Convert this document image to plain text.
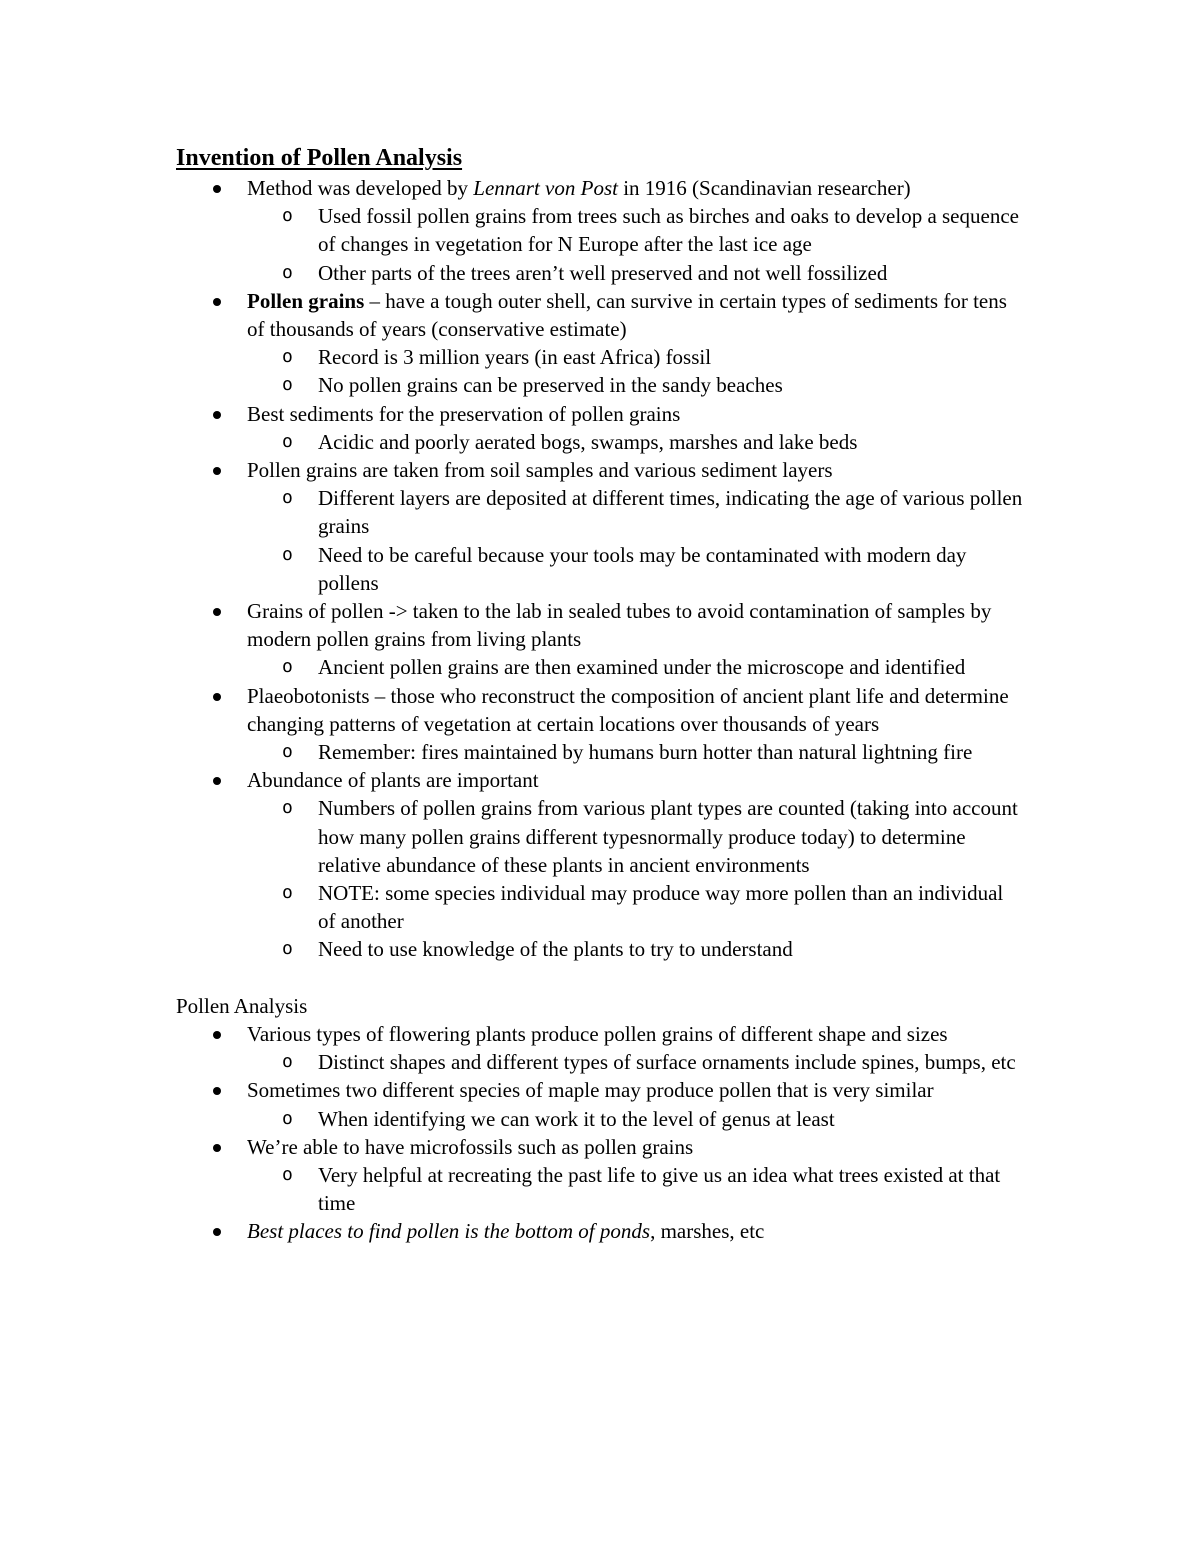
Invention of Pollen Analysis
Method was developed by Lennart von Post in 1916 (Scandinavian researcher)
o Used fossil pollen grains from trees such as birches and oaks to develop a sequence of changes in vegetation for N Europe after the last ice age
o Other parts of the trees aren’t well preserved and not well fossilized
Pollen grains – have a tough outer shell, can survive in certain types of sediments for tens of thousands of years (conservative estimate)
o Record is 3 million years (in east Africa) fossil
o No pollen grains can be preserved in the sandy beaches
Best sediments for the preservation of pollen grains
o Acidic and poorly aerated bogs, swamps, marshes and lake beds
Pollen grains are taken from soil samples and various sediment layers
o Different layers are deposited at different times, indicating the age of various pollen grains
o Need to be careful because your tools may be contaminated with modern day pollens
Grains of pollen -> taken to the lab in sealed tubes to avoid contamination of samples by modern pollen grains from living plants
o Ancient pollen grains are then examined under the microscope and identified
Plaeobotonists – those who reconstruct the composition of ancient plant life and determine changing patterns of vegetation at certain locations over thousands of years
o Remember: fires maintained by humans burn hotter than natural lightning fire
Abundance of plants are important
o Numbers of pollen grains from various plant types are counted (taking into account how many pollen grains different typesnormally produce today) to determine relative abundance of these plants in ancient environments
o NOTE: some species individual may produce way more pollen than an individual of another
o Need to use knowledge of the plants to try to understand

Pollen Analysis

Various types of flowering plants produce pollen grains of different shape and sizes
o Distinct shapes and different types of surface ornaments include spines, bumps, etc
Sometimes two different species of maple may produce pollen that is very similar
o When identifying we can work it to the level of genus at least
We’re able to have microfossils such as pollen grains
o Very helpful at recreating the past life to give us an idea what trees existed at that time
Best places to find pollen is the bottom of ponds, marshes, etc
